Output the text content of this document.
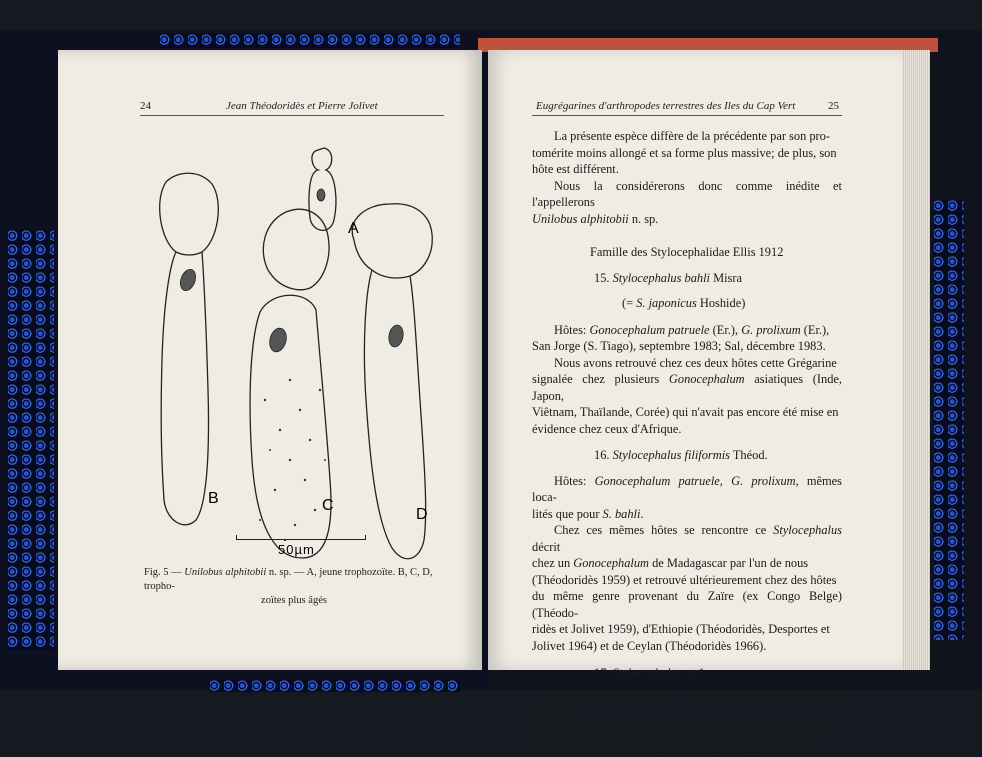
24	Jean Théodoridès et Pierre Jolivet
A
B	C
D
50µm
Fig. 5 — Unilobus alphitobii n. sp. — A, jeune trophozoïte. B, C, D, tropho-
zoïtes plus âgés
Eugrégarines d'arthropodes terrestres des Iles du Cap Vert	25
La présente espèce diffère de la précédente par son pro-
tomérite moins allongé et sa forme plus massive; de plus, son
hôte est différent.
Nous la considérerons donc comme inédite et l'appellerons
Unilobus alphitobii n. sp.
Famille des Stylocephalidae Ellis 1912
15. Stylocephalus bahli Misra
(= S. japonicus Hoshide)
Hôtes: Gonocephalum patruele (Er.), G. prolixum (Er.),
San Jorge (S. Tiago), septembre 1983; Sal, décembre 1983.
Nous avons retrouvé chez ces deux hôtes cette Grégarine
signalée chez plusieurs Gonocephalum asiatiques (Inde, Japon,
Viêtnam, Thaïlande, Corée) qui n'avait pas encore été mise en
évidence chez ceux d'Afrique.
16. Stylocephalus filiformis Théod.
Hôtes: Gonocephalum patruele, G. prolixum, mêmes loca-
lités que pour S. bahli.
Chez ces mêmes hôtes se rencontre ce Stylocephalus décrit
chez un Gonocephalum de Madagascar par l'un de nous
(Théodoridès 1959) et retrouvé ultérieurement chez des hôtes
du même genre provenant du Zaïre (ex Congo Belge) (Théodo-
ridès et Jolivet 1959), d'Ethiopie (Théodoridès, Desportes et
Jolivet 1964) et de Ceylan (Théodoridès 1966).
17. Stylocephalus sp.1
Hôtes: Platyprocnemis granulosus (Woll.) Ginebra (Fogo)
janvier 1984; Trichopodus tenebricosus (Er.) ssp. nicolensis
(Woll), Caldeira de Cabeçalin, Collego (Fogo) avril 1984.
